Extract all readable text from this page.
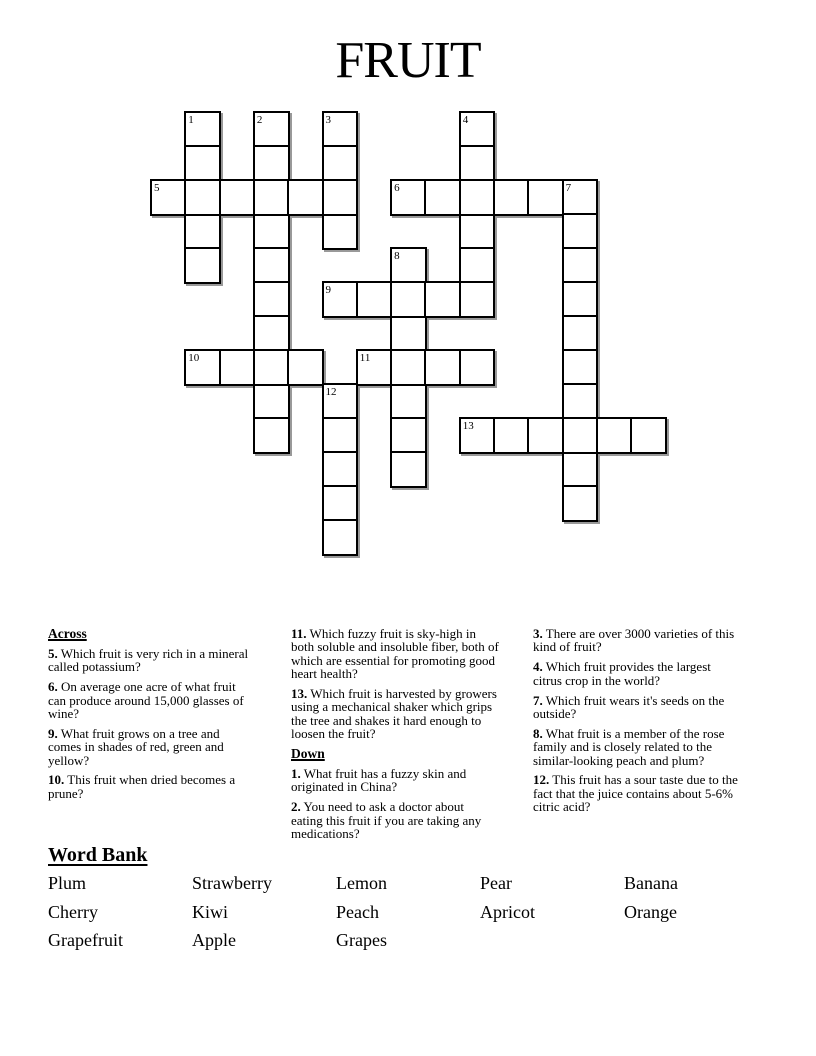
FRUIT
1	2	3	4
5	6	7
8
9
10	11
12
13
Across

5. Which fruit is very rich in a mineral
called potassium?

6. On average one acre of what fruit
can produce around 15,000 glasses of
wine?

9. What fruit grows on a tree and
comes in shades of red, green and
yellow?

10. This fruit when dried becomes a
prune?

11. Which fuzzy fruit is sky-high in
both soluble and insoluble fiber, both of
which are essential for promoting good
heart health?

13. Which fruit is harvested by growers
using a mechanical shaker which grips
the tree and shakes it hard enough to
loosen the fruit?

Down

1. What fruit has a fuzzy skin and
originated in China?

2. You need to ask a doctor about
eating this fruit if you are taking any
medications?

3. There are over 3000 varieties of this
kind of fruit?

4. Which fruit provides the largest
citrus crop in the world?

7. Which fruit wears it's seeds on the
outside?

8. What fruit is a member of the rose
family and is closely related to the
similar-looking peach and plum?

12. This fruit has a sour taste due to the
fact that the juice contains about 5-6%
citric acid?

Word Bank
Plum	Strawberry	Lemon	Pear	Banana
Cherry	Kiwi	Peach	Apricot	Orange
Grapefruit	Apple	Grapes
